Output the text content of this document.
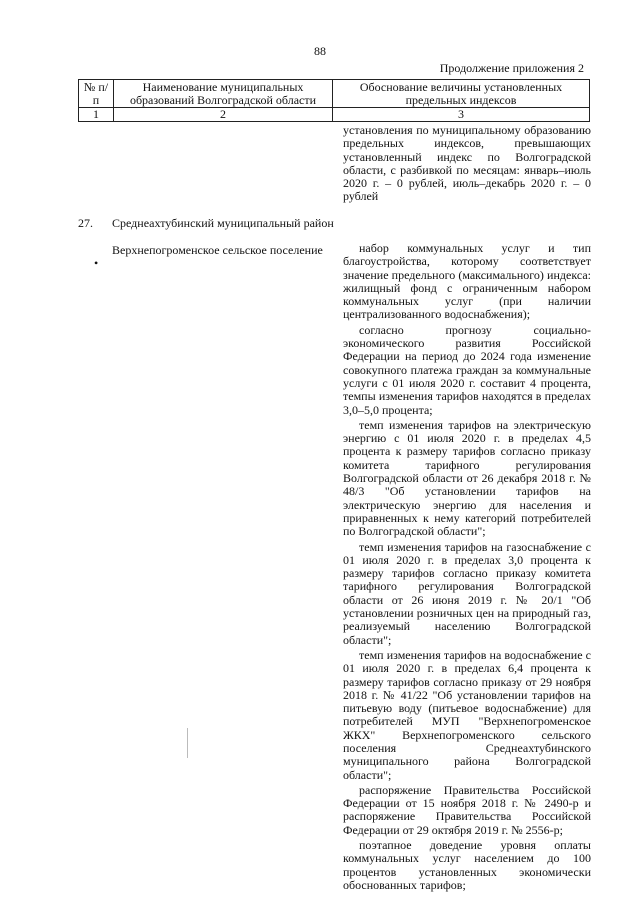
88
Продолжение приложения 2
№ п/п	Наименование муниципальных образований Волгоградской области	Обоснование величины установленных предельных индексов
1	2	3

установления по муниципальному образованию предельных индексов, превышающих установленный индекс по Волгоградской области, с разбивкой по месяцам: январь–июль 2020 г. – 0 рублей, июль–декабрь 2020 г. – 0 рублей

27. Среднеахтубинский муниципальный район
Верхнепогроменское сельское поселение
•

набор коммунальных услуг и тип благоустройства, которому соответствует значение предельного (максимального) индекса: жилищный фонд с ограниченным набором коммунальных услуг (при наличии централизованного водоснабжения);

согласно прогнозу социально-экономического развития Российской Федерации на период до 2024 года изменение совокупного платежа граждан за коммунальные услуги с 01 июля 2020 г. составит 4 процента, темпы изменения тарифов находятся в пределах 3,0–5,0 процента;

темп изменения тарифов на электрическую энергию с 01 июля 2020 г. в пределах 4,5 процента к размеру тарифов согласно приказу комитета тарифного регулирования Волгоградской области от 26 декабря 2018 г. № 48/3 "Об установлении тарифов на электрическую энергию для населения и приравненных к нему категорий потребителей по Волгоградской области";

темп изменения тарифов на газоснабжение с 01 июля 2020 г. в пределах 3,0 процента к размеру тарифов согласно приказу комитета тарифного регулирования Волгоградской области от 26 июня 2019 г. № 20/1 "Об установлении розничных цен на природный газ, реализуемый населению Волгоградской области";

темп изменения тарифов на водоснабжение с 01 июля 2020 г. в пределах 6,4 процента к размеру тарифов согласно приказу от 29 ноября 2018 г. № 41/22 "Об установлении тарифов на питьевую воду (питьевое водоснабжение) для потребителей МУП "Верхнепогроменское ЖКХ" Верхнепогроменского сельского поселения Среднеахтубинского муниципального района Волгоградской области";

распоряжение Правительства Российской Федерации от 15 ноября 2018 г. № 2490-р и распоряжение Правительства Российской Федерации от 29 октября 2019 г. № 2556-р;

поэтапное доведение уровня оплаты коммунальных услуг населением до 100 процентов установленных экономически обоснованных тарифов;
